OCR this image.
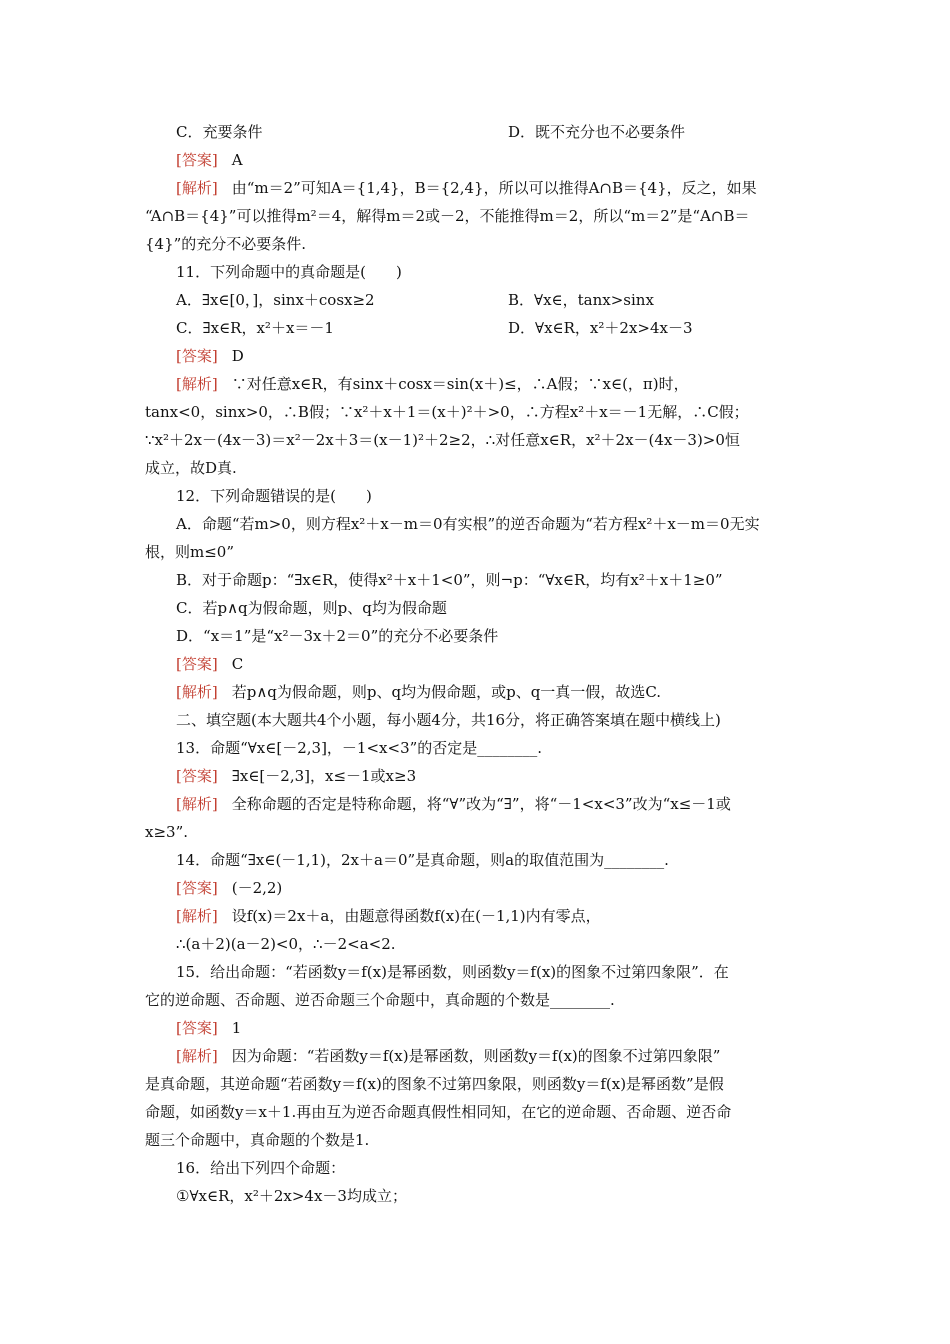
C．充要条件	D．既不充分也不必要条件
[答案] A
[解析] 由“m＝2”可知A＝{1,4}，B＝{2,4}，所以可以推得A∩B＝{4}，反之，如果
“A∩B＝{4}”可以推得m²＝4，解得m＝2或－2，不能推得m＝2，所以“m＝2”是“A∩B＝
{4}”的充分不必要条件.
11．下列命题中的真命题是(　　)
A．∃x∈[0，]，sinx＋cosx≥2	B．∀x∈，tanx>sinx
C．∃x∈R，x²＋x＝－1	D．∀x∈R，x²＋2x>4x－3
[答案] D
[解析] ∵对任意x∈R，有sinx＋cosx＝sin(x＋)≤，∴A假；∵x∈(，π)时，
tanx<0，sinx>0，∴B假；∵x²＋x＋1＝(x＋)²＋>0，∴方程x²＋x＝－1无解，∴C假；
∵x²＋2x－(4x－3)＝x²－2x＋3＝(x－1)²＋2≥2，∴对任意x∈R，x²＋2x－(4x－3)>0恒
成立，故D真.
12．下列命题错误的是(　　)
A．命题“若m>0，则方程x²＋x－m＝0有实根”的逆否命题为“若方程x²＋x－m＝0无实
根，则m≤0”
B．对于命题p：“∃x∈R，使得x²＋x＋1<0”，则¬p：“∀x∈R，均有x²＋x＋1≥0”
C．若p∧q为假命题，则p、q均为假命题
D．“x＝1”是“x²－3x＋2＝0”的充分不必要条件
[答案] C
[解析] 若p∧q为假命题，则p、q均为假命题，或p、q一真一假，故选C.
二、填空题(本大题共4个小题，每小题4分，共16分，将正确答案填在题中横线上)
13．命题“∀x∈[－2,3]，－1<x<3”的否定是________.
[答案] ∃x∈[－2,3]，x≤－1或x≥3
[解析] 全称命题的否定是特称命题，将“∀”改为“∃”，将“－1<x<3”改为“x≤－1或
x≥3”.
14．命题“∃x∈(－1,1)，2x＋a＝0”是真命题，则a的取值范围为________.
[答案] (－2,2)
[解析] 设f(x)＝2x＋a，由题意得函数f(x)在(－1,1)内有零点，
∴(a＋2)(a－2)<0，∴－2<a<2.
15．给出命题：“若函数y＝f(x)是幂函数，则函数y＝f(x)的图象不过第四象限”．在
它的逆命题、否命题、逆否命题三个命题中，真命题的个数是________.
[答案] 1
[解析] 因为命题：“若函数y＝f(x)是幂函数，则函数y＝f(x)的图象不过第四象限”
是真命题，其逆命题“若函数y＝f(x)的图象不过第四象限，则函数y＝f(x)是幂函数”是假
命题，如函数y＝x＋1.再由互为逆否命题真假性相同知，在它的逆命题、否命题、逆否命
题三个命题中，真命题的个数是1.
16．给出下列四个命题：
①∀x∈R，x²＋2x>4x－3均成立；
